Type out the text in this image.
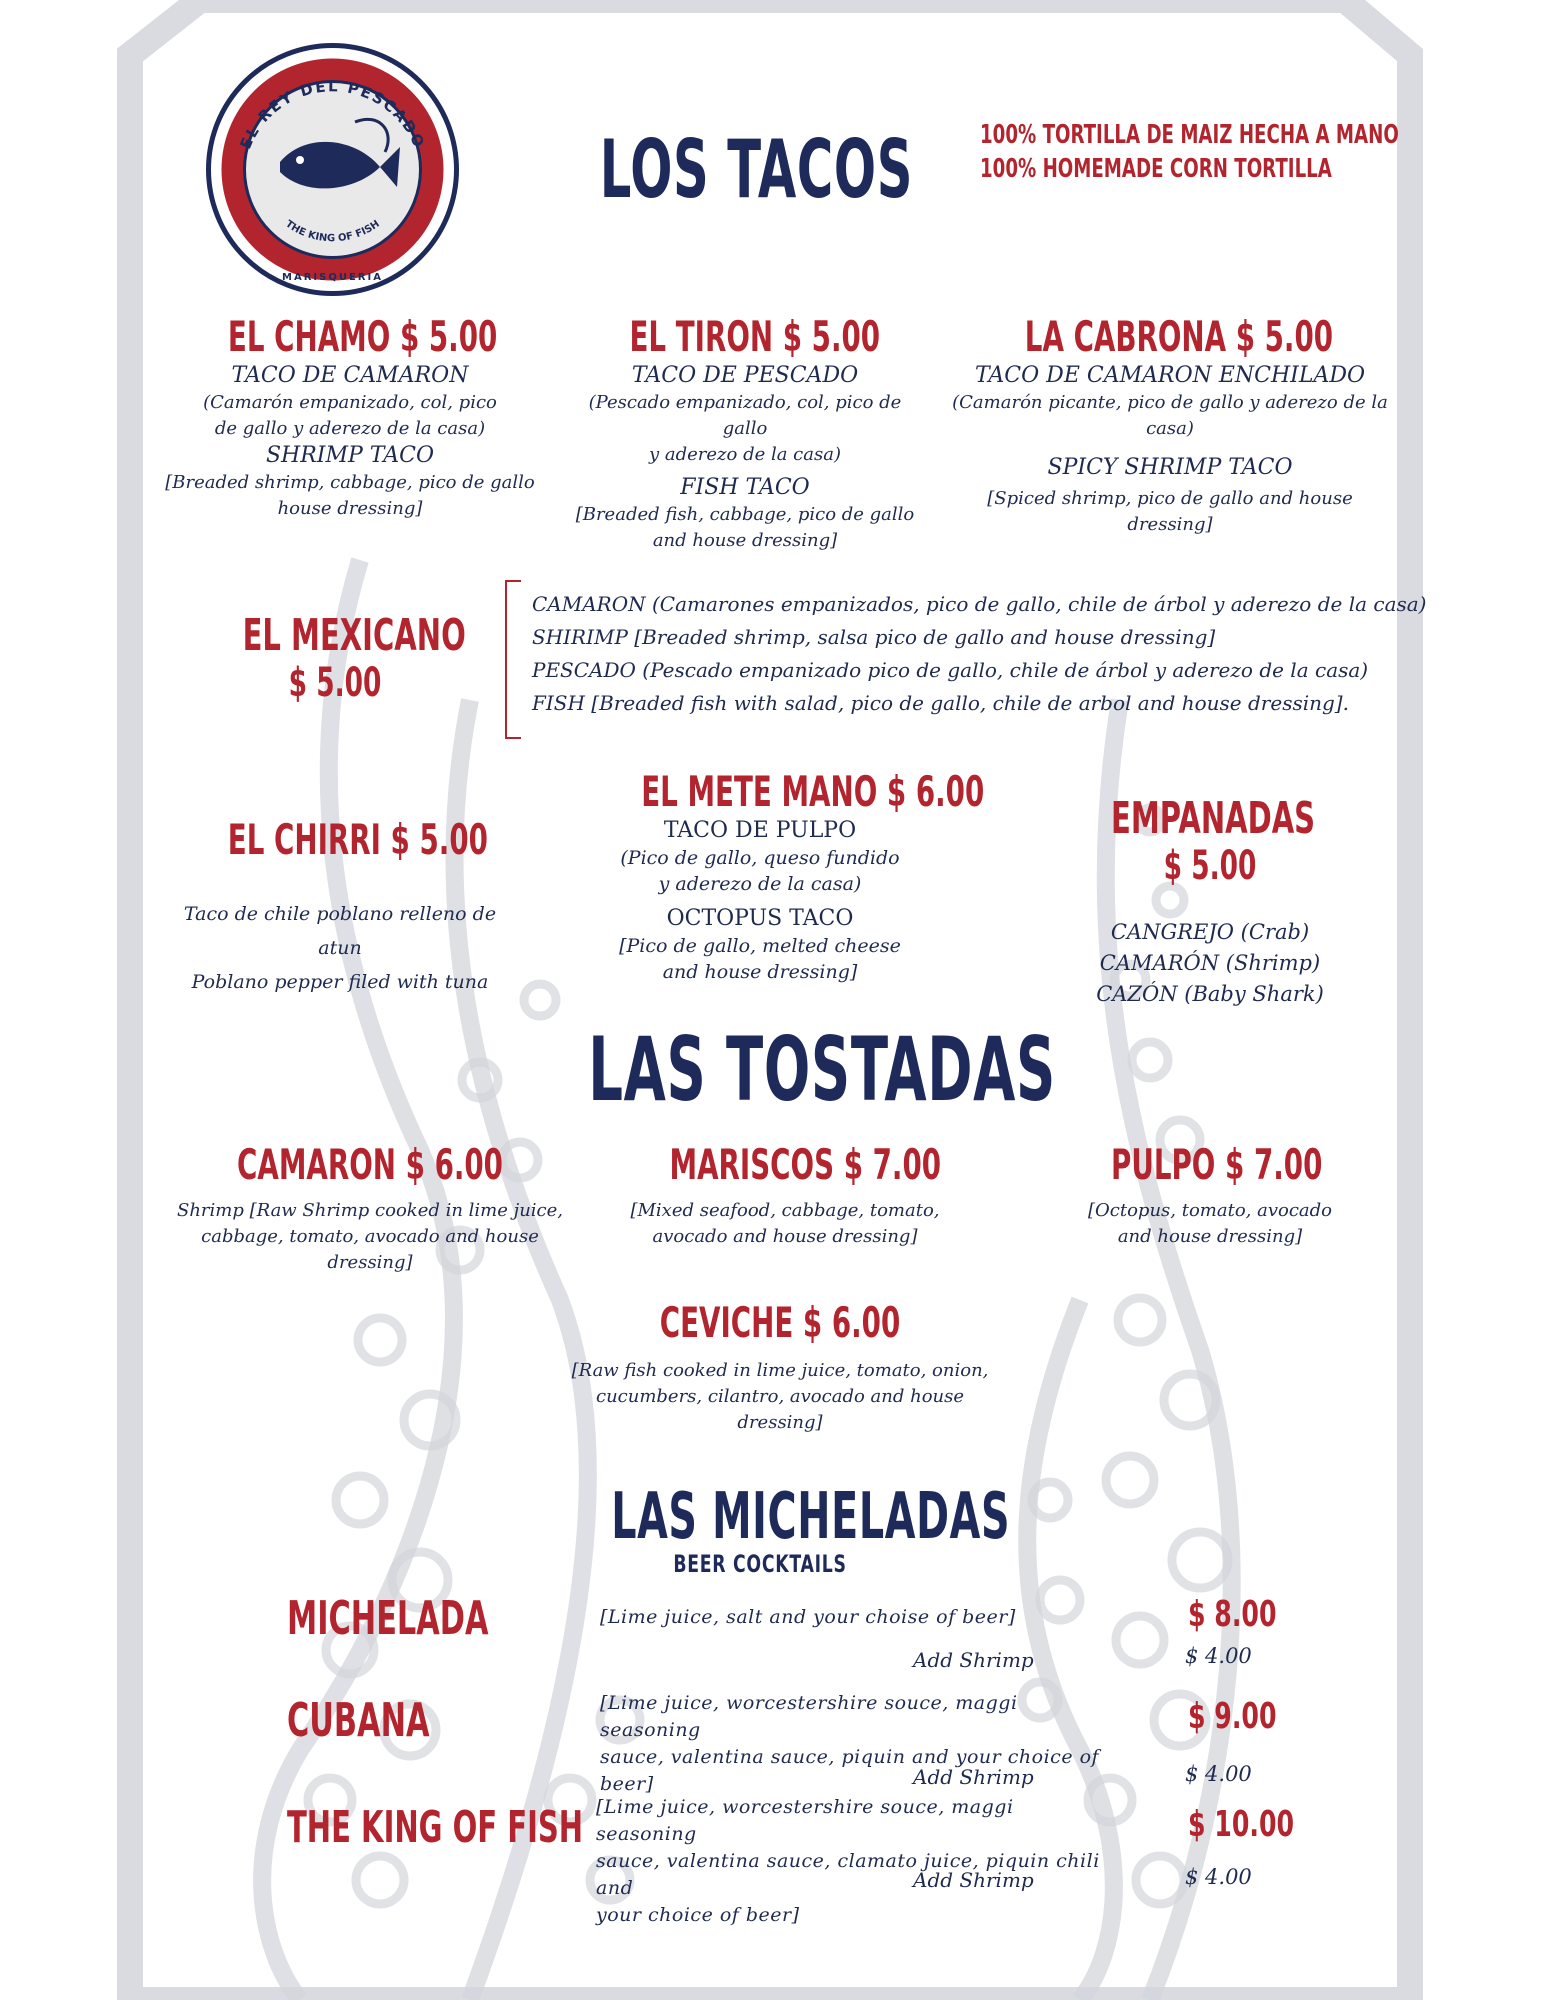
EL REY DEL PESCADO
THE KING OF FISH
MARISQUERIA
LOS TACOS	100% TORTILLA DE MAIZ HECHA A MANO
100% HOMEMADE CORN TORTILLA
EL CHAMO $ 5.00
TACO DE CAMARON
(Camarón empanizado, col, pico
de gallo y aderezo de la casa)
SHRIMP TACO
[Breaded shrimp, cabbage, pico de gallo
house dressing]
EL TIRON $ 5.00
TACO DE PESCADO
(Pescado empanizado, col, pico de gallo
y aderezo de la casa)
FISH TACO
[Breaded fish, cabbage, pico de gallo
and house dressing]
LA CABRONA $ 5.00
TACO DE CAMARON ENCHILADO
(Camarón picante, pico de gallo y aderezo de la casa)
SPICY SHRIMP TACO
[Spiced shrimp, pico de gallo and house dressing]
EL MEXICANO
$ 5.00
CAMARON (Camarones empanizados, pico de gallo, chile de árbol y aderezo de la casa)
SHIRIMP [Breaded shrimp, salsa pico de gallo and house dressing]
PESCADO (Pescado empanizado pico de gallo, chile de árbol y aderezo de la casa)
FISH [Breaded fish with salad, pico de gallo, chile de arbol and house dressing].
EL CHIRRI $ 5.00
Taco de chile poblano relleno de atun
Poblano pepper filed with tuna
EL METE MANO $ 6.00
TACO DE PULPO
(Pico de gallo, queso fundido
y aderezo de la casa)
OCTOPUS TACO
[Pico de gallo, melted cheese
and house dressing]
EMPANADAS
$ 5.00
CANGREJO (Crab)
CAMARÓN (Shrimp)
CAZÓN (Baby Shark)
LAS TOSTADAS
CAMARON $ 6.00
Shrimp [Raw Shrimp cooked in lime juice,
cabbage, tomato, avocado and house dressing]
MARISCOS $ 7.00
[Mixed seafood, cabbage, tomato,
avocado and house dressing]
PULPO $ 7.00
[Octopus, tomato, avocado
and house dressing]
CEVICHE $ 6.00
[Raw fish cooked in lime juice, tomato, onion,
cucumbers, cilantro, avocado and house dressing]
LAS MICHELADAS
BEER COCKTAILS
MICHELADA	[Lime juice, salt and your choise of beer]	$ 8.00
Add Shrimp	$ 4.00
CUBANA	[Lime juice, worcestershire souce, maggi seasoning
sauce, valentina sauce, piquin and your choice of beer]
$ 9.00
Add Shrimp	$ 4.00
THE KING OF FISH [Lime juice, worcestershire souce, maggi seasoning
sauce, valentina sauce, clamato juice, piquin chili and
your choice of beer]
$ 10.00
Add Shrimp	$ 4.00
